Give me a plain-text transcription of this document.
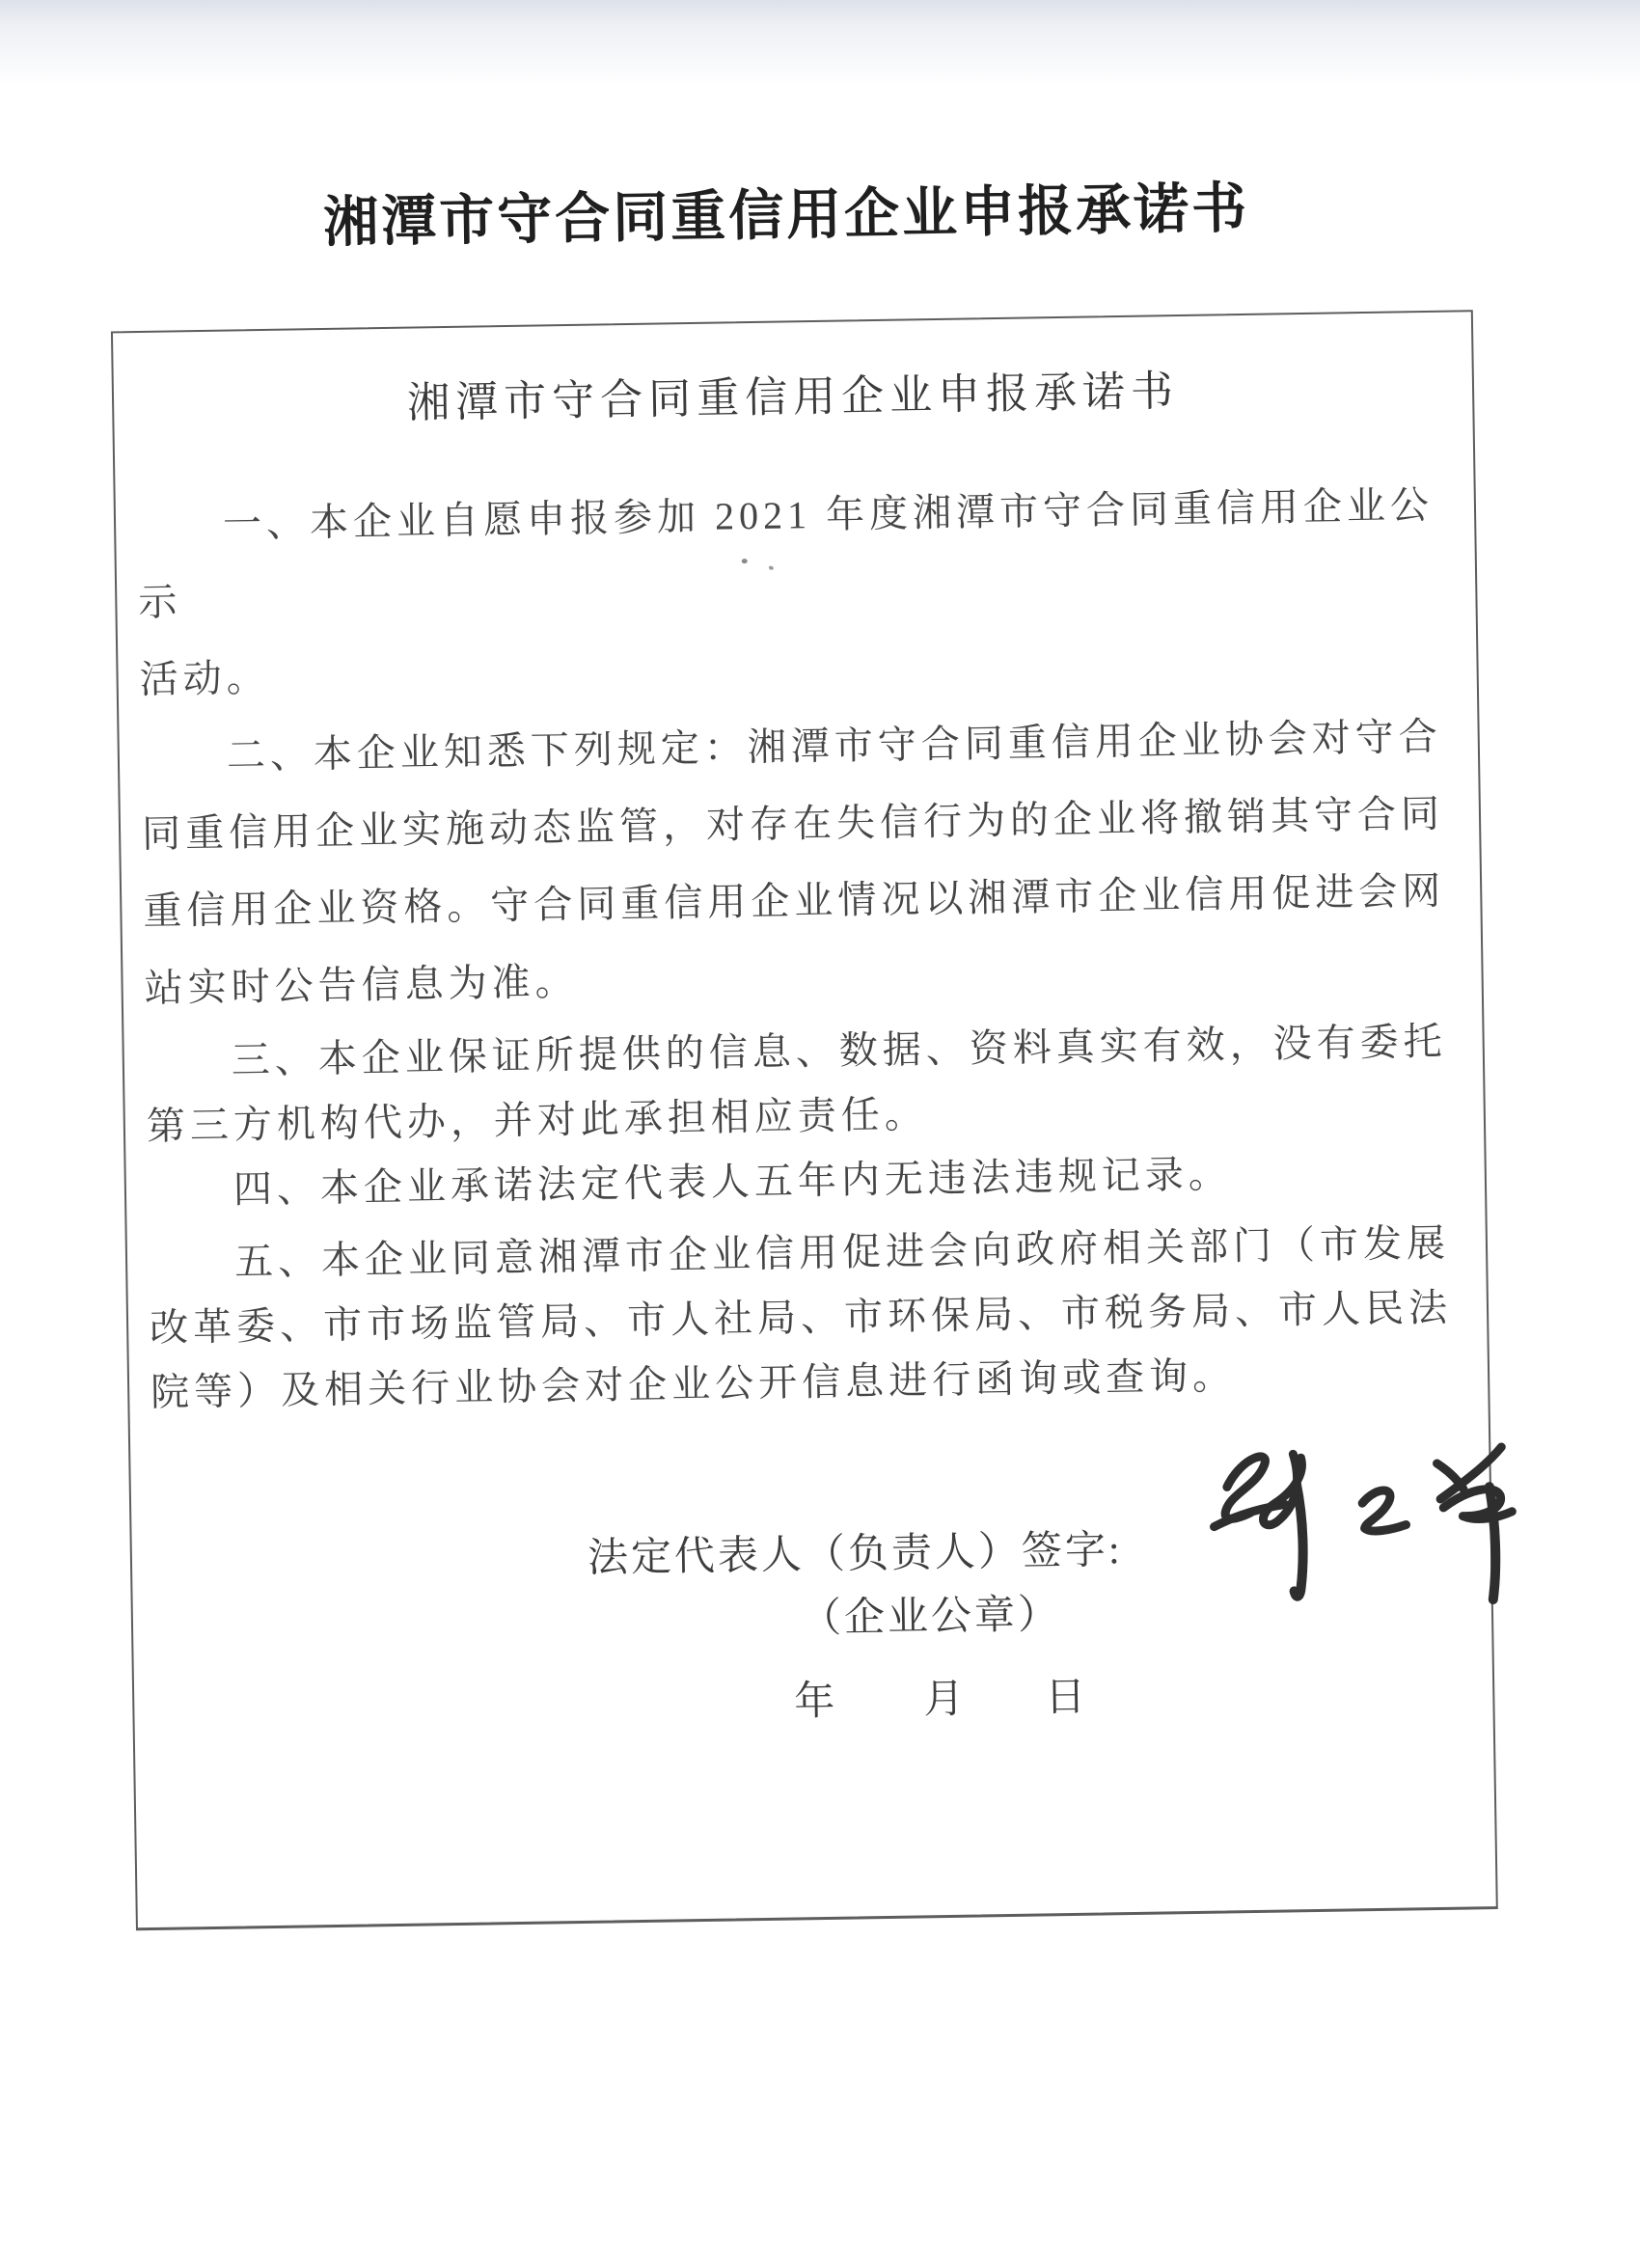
湘潭市守合同重信用企业申报承诺书
湘潭市守合同重信用企业申报承诺书
一、本企业自愿申报参加 2021 年度湘潭市守合同重信用企业公示
活动。
二、本企业知悉下列规定：湘潭市守合同重信用企业协会对守合
同重信用企业实施动态监管，对存在失信行为的企业将撤销其守合同
重信用企业资格。守合同重信用企业情况以湘潭市企业信用促进会网
站实时公告信息为准。
三、本企业保证所提供的信息、数据、资料真实有效，没有委托
第三方机构代办，并对此承担相应责任。
四、本企业承诺法定代表人五年内无违法违规记录。
五、本企业同意湘潭市企业信用促进会向政府相关部门（市发展
改革委、市市场监管局、市人社局、市环保局、市税务局、市人民法
院等）及相关行业协会对企业公开信息进行函询或查询。
法定代表人（负责人）签字:
（企业公章）
年 月 日
